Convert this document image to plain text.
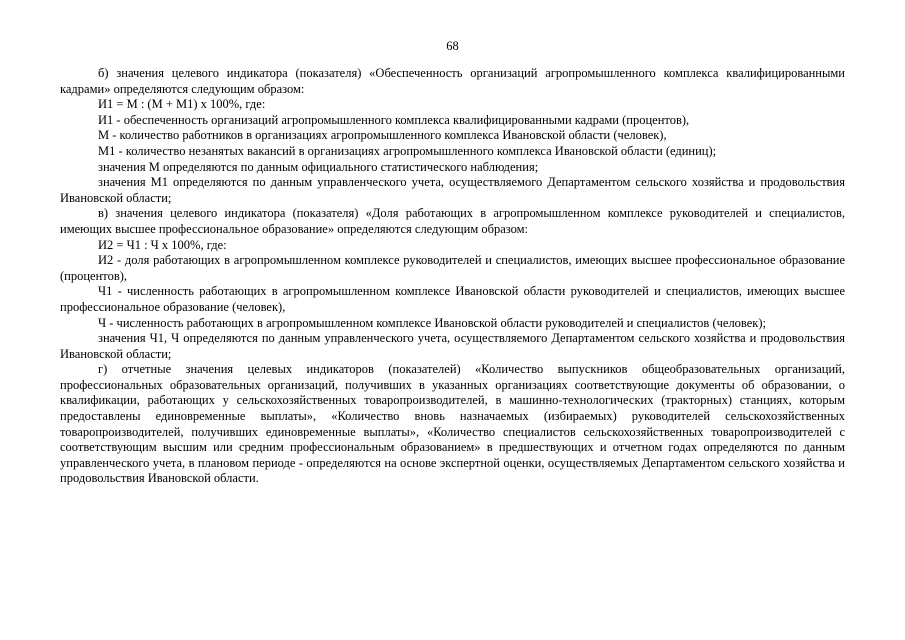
68

б) значения целевого индикатора (показателя) «Обеспеченность организаций агропромышленного комплекса квалифицированными кадрами» определяются следующим образом:

И1 = М : (М + М1) x 100%, где:

И1 - обеспеченность организаций агропромышленного комплекса квалифицированными кадрами (процентов),

М - количество работников в организациях агропромышленного комплекса Ивановской области (человек),

М1 - количество незанятых вакансий в организациях агропромышленного комплекса Ивановской области (единиц);

значения М определяются по данным официального статистического наблюдения;

значения М1 определяются по данным управленческого учета, осуществляемого Департаментом сельского хозяйства и продовольствия Ивановской области;

в) значения целевого индикатора (показателя) «Доля работающих в агропромышленном комплексе руководителей и специалистов, имеющих высшее профессиональное образование» определяются следующим образом:

И2 = Ч1 : Ч x 100%, где:

И2 - доля работающих в агропромышленном комплексе руководителей и специалистов, имеющих высшее профессиональное образование (процентов),

Ч1 - численность работающих в агропромышленном комплексе Ивановской области руководителей и специалистов, имеющих высшее профессиональное образование (человек),

Ч - численность работающих в агропромышленном комплексе Ивановской области руководителей и специалистов (человек);

значения Ч1, Ч определяются по данным управленческого учета, осуществляемого Департаментом сельского хозяйства и продовольствия Ивановской области;

г) отчетные значения целевых индикаторов (показателей) «Количество выпускников общеобразовательных организаций, профессиональных образовательных организаций, получивших в указанных организациях соответствующие документы об образовании, о квалификации, работающих у сельскохозяйственных товаропроизводителей, в машинно-технологических (тракторных) станциях, которым предоставлены единовременные выплаты», «Количество вновь назначаемых (избираемых) руководителей сельскохозяйственных товаропроизводителей, получивших единовременные выплаты», «Количество специалистов сельскохозяйственных товаропроизводителей с соответствующим высшим или средним профессиональным образованием» в предшествующих и отчетном годах определяются по данным управленческого учета, в плановом периоде - определяются на основе экспертной оценки, осуществляемых Департаментом сельского хозяйства и продовольствия Ивановской области.
